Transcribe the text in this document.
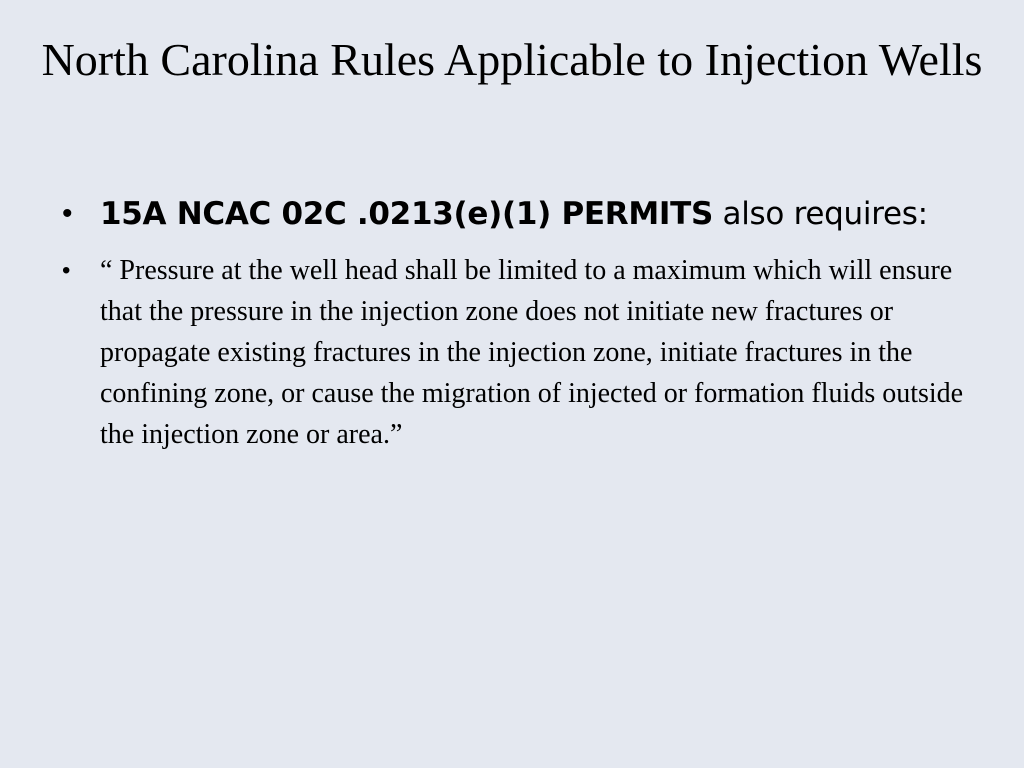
North Carolina Rules Applicable to Injection Wells
• 15A NCAC 02C .0213(e)(1) PERMITS also requires:
• “ Pressure at the well head shall be limited to a maximum which will ensure that the pressure in the injection zone does not initiate new fractures or propagate existing fractures in the injection zone, initiate fractures in the confining zone, or cause the migration of injected or formation fluids outside the injection zone or area.”
